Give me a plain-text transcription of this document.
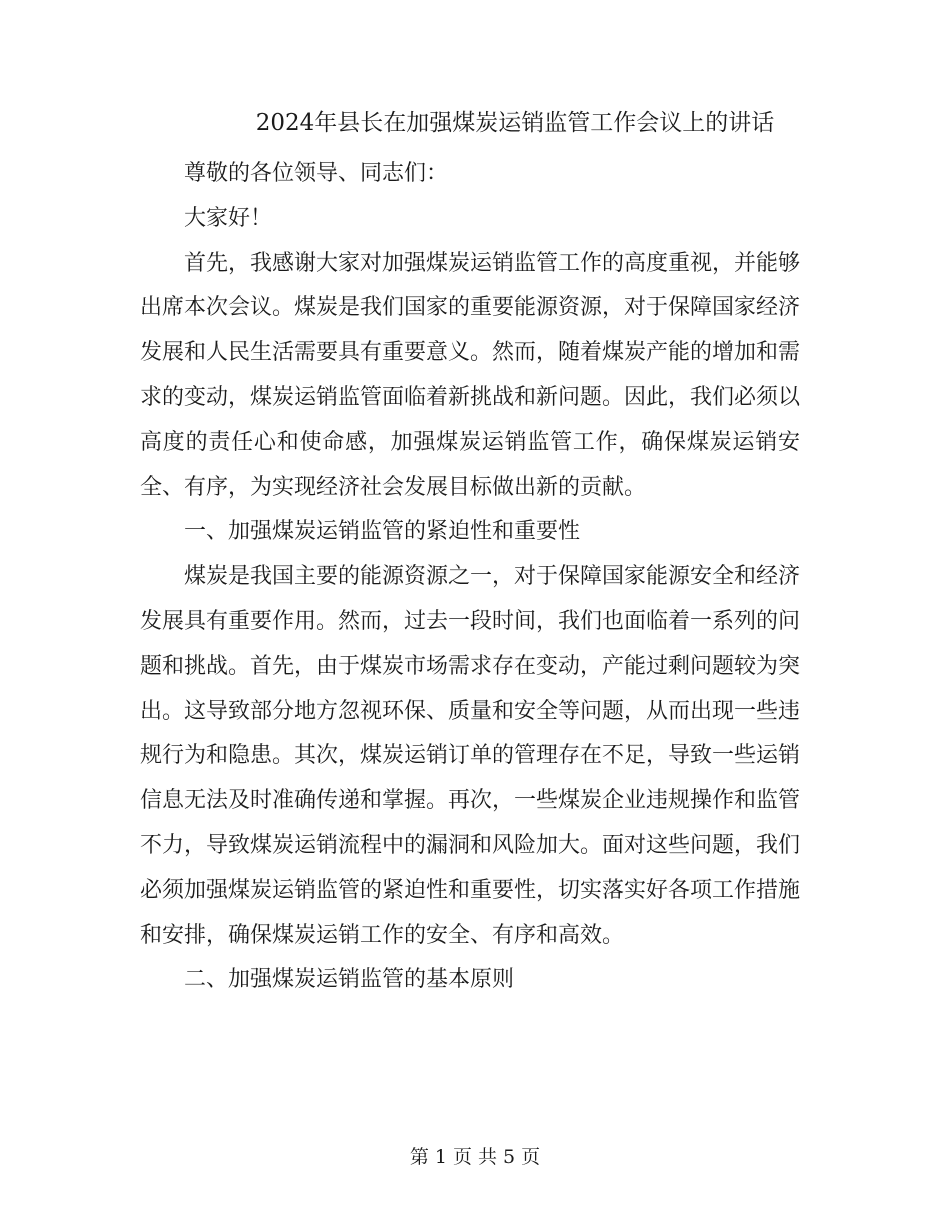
2024年县长在加强煤炭运销监管工作会议上的讲话

尊敬的各位领导、同志们：

大家好！

首先，我感谢大家对加强煤炭运销监管工作的高度重视，并能够出席本次会议。煤炭是我们国家的重要能源资源，对于保障国家经济发展和人民生活需要具有重要意义。然而，随着煤炭产能的增加和需求的变动，煤炭运销监管面临着新挑战和新问题。因此，我们必须以高度的责任心和使命感，加强煤炭运销监管工作，确保煤炭运销安全、有序，为实现经济社会发展目标做出新的贡献。

一、加强煤炭运销监管的紧迫性和重要性

煤炭是我国主要的能源资源之一，对于保障国家能源安全和经济发展具有重要作用。然而，过去一段时间，我们也面临着一系列的问题和挑战。首先，由于煤炭市场需求存在变动，产能过剩问题较为突出。这导致部分地方忽视环保、质量和安全等问题，从而出现一些违规行为和隐患。其次，煤炭运销订单的管理存在不足，导致一些运销信息无法及时准确传递和掌握。再次，一些煤炭企业违规操作和监管不力，导致煤炭运销流程中的漏洞和风险加大。面对这些问题，我们必须加强煤炭运销监管的紧迫性和重要性，切实落实好各项工作措施和安排，确保煤炭运销工作的安全、有序和高效。

二、加强煤炭运销监管的基本原则

第 1 页 共 5 页
